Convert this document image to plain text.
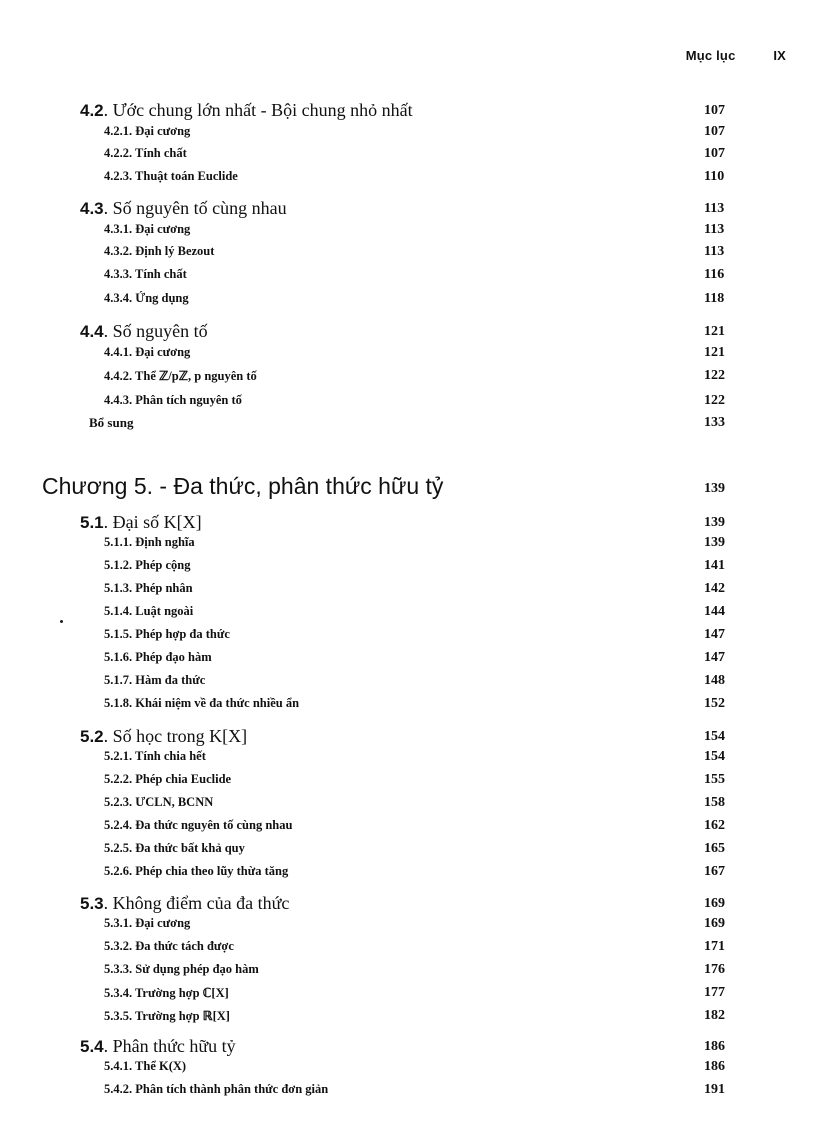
Mục lục	IX
4.2. Ước chung lớn nhất - Bội chung nhỏ nhất	107
4.2.1. Đại cương	107
4.2.2. Tính chất	107
4.2.3. Thuật toán Euclide	110
4.3. Số nguyên tố cùng nhau	113
4.3.1. Đại cương	113
4.3.2. Định lý Bezout	113
4.3.3. Tính chất	116
4.3.4. Ứng dụng	118
4.4. Số nguyên tố	121
4.4.1. Đại cương	121
4.4.2. Thể ℤ/pℤ, p nguyên tố	122
4.4.3. Phân tích nguyên tố	122
Bổ sung	133
Chương 5. - Đa thức, phân thức hữu tỷ	139
5.1. Đại số K[X]	139
5.1.1. Định nghĩa	139
5.1.2. Phép cộng	141
5.1.3. Phép nhân	142
5.1.4. Luật ngoài	144
5.1.5. Phép hợp đa thức	147
5.1.6. Phép đạo hàm	147
5.1.7. Hàm đa thức	148
5.1.8. Khái niệm về đa thức nhiều ẩn	152
5.2. Số học trong K[X]	154
5.2.1. Tính chia hết	154
5.2.2. Phép chia Euclide	155
5.2.3. ƯCLN, BCNN	158
5.2.4. Đa thức nguyên tố cùng nhau	162
5.2.5. Đa thức bất khả quy	165
5.2.6. Phép chia theo lũy thừa tăng	167
5.3. Không điểm của đa thức	169
5.3.1. Đại cương	169
5.3.2. Đa thức tách được	171
5.3.3. Sử dụng phép đạo hàm	176
5.3.4. Trường hợp ℂ[X]	177
5.3.5. Trường hợp ℝ[X]	182
5.4. Phân thức hữu tỷ	186
5.4.1. Thể K(X)	186
5.4.2. Phân tích thành phân thức đơn giản	191
